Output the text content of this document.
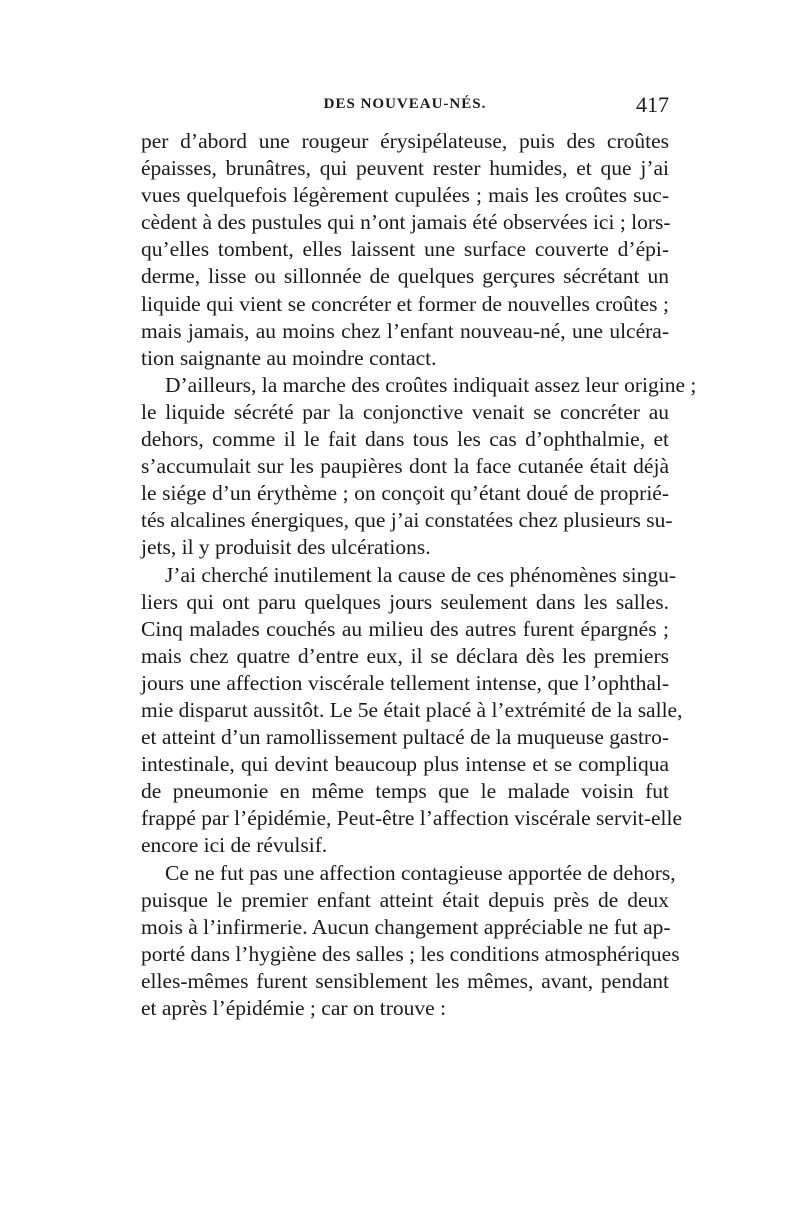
DES NOUVEAU-NÉS.	417
per d’abord une rougeur érysipélateuse, puis des croûtes
épaisses, brunâtres, qui peuvent rester humides, et que j’ai
vues quelquefois légèrement cupulées ; mais les croûtes suc-
cèdent à des pustules qui n’ont jamais été observées ici ; lors-
qu’elles tombent, elles laissent une surface couverte d’épi-
derme, lisse ou sillonnée de quelques gerçures sécrétant un
liquide qui vient se concréter et former de nouvelles croûtes ;
mais jamais, au moins chez l’enfant nouveau-né, une ulcéra-
tion saignante au moindre contact.
D’ailleurs, la marche des croûtes indiquait assez leur origine ;
le liquide sécrété par la conjonctive venait se concréter au
dehors, comme il le fait dans tous les cas d’ophthalmie, et
s’accumulait sur les paupières dont la face cutanée était déjà
le siége d’un érythème ; on conçoit qu’étant doué de proprié-
tés alcalines énergiques, que j’ai constatées chez plusieurs su-
jets, il y produisit des ulcérations.
J’ai cherché inutilement la cause de ces phénomènes singu-
liers qui ont paru quelques jours seulement dans les salles.
Cinq malades couchés au milieu des autres furent épargnés ;
mais chez quatre d’entre eux, il se déclara dès les premiers
jours une affection viscérale tellement intense, que l’ophthal-
mie disparut aussitôt. Le 5e était placé à l’extrémité de la salle,
et atteint d’un ramollissement pultacé de la muqueuse gastro-
intestinale, qui devint beaucoup plus intense et se compliqua
de pneumonie en même temps que le malade voisin fut
frappé par l’épidémie, Peut-être l’affection viscérale servit-elle
encore ici de révulsif.
Ce ne fut pas une affection contagieuse apportée de dehors,
puisque le premier enfant atteint était depuis près de deux
mois à l’infirmerie. Aucun changement appréciable ne fut ap-
porté dans l’hygiène des salles ; les conditions atmosphériques
elles-mêmes furent sensiblement les mêmes, avant, pendant
et après l’épidémie ; car on trouve :
